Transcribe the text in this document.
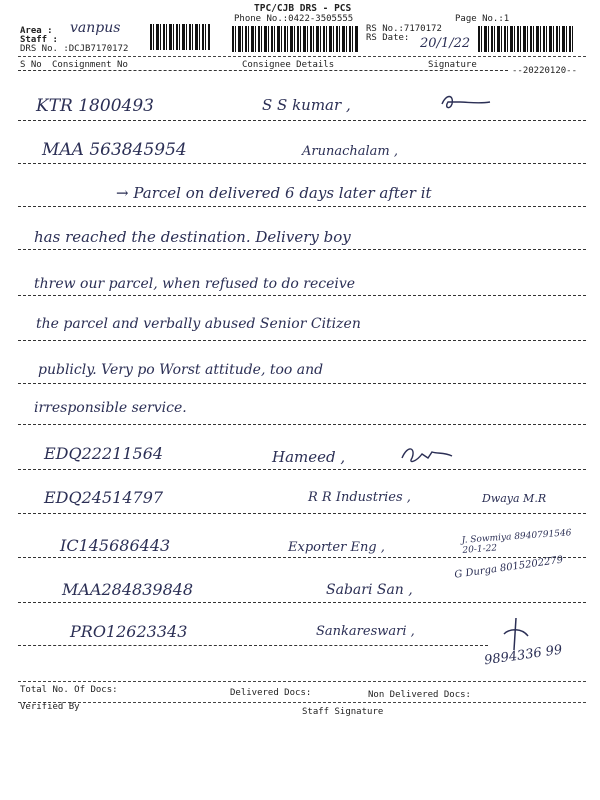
TPC/CJB DRS - PCS
Phone No.:0422-3505555	Page No.:1
Area : vanpus
Staff :
DRS No. :DCJB7170172
RS No.:7170172
RS Date: 20/1/22
S No Consignment No	Consignee Details	Signature
--20220120--
KTR 1800493	S S kumar ,
MAA 563845954	Arunachalam ,
→ Parcel on delivered 6 days later after it
has reached the destination. Delivery boy
threw our parcel, when refused to do receive
the parcel and verbally abused Senior Citizen
publicly. Very po Worst attitude, too and
irresponsible service.
EDQ22211564	Hameed ,
EDQ24514797	R R Industries ,	Dwaya M.R
IC145686443	Exporter Eng ,
J. Sowmiya 8940791546 20-1-22
MAA284839848	Sabari San ,
G Durga 8015202279
PRO12623343	Sankareswari ,
9894336 99
Total No. Of Docs:	Delivered Docs:	Non Delivered Docs:
Verified By	Staff Signature
